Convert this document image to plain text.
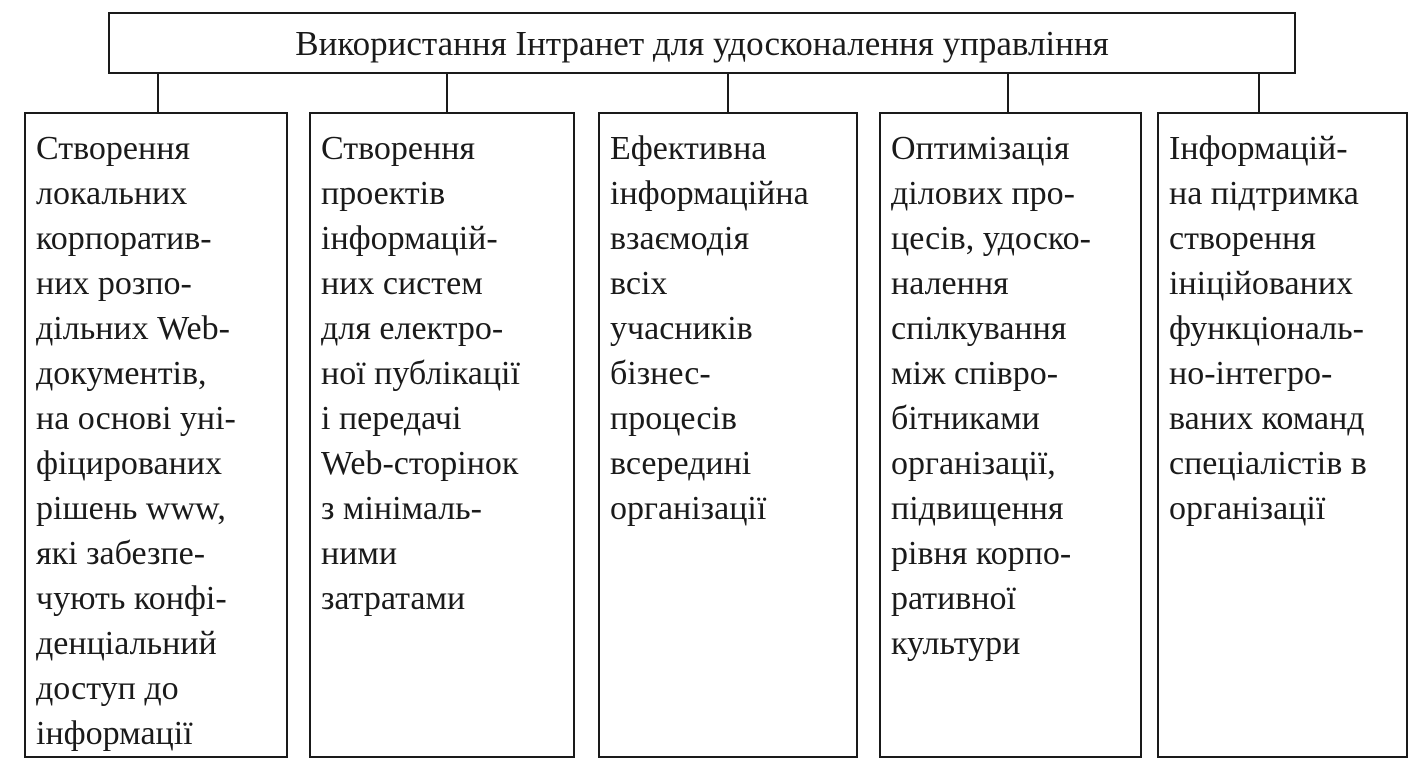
Використання Інтранет для удосконалення управління
Створення
локальних
корпоратив-
них розпо-
дільних Web-
документів,
на основі уні-
фіцированих
рішень www,
які забезпе-
чують конфі-
денціальний
доступ до
інформації
Створення
проектів
інформацій-
них систем
для електро-
ної публікації
і передачі
Web-сторінок
з мінімаль-
ними
затратами
Ефективна
інформаційна
взаємодія
всіх
учасників
бізнес-
процесів
всередині
організації
Оптимізація
ділових про-
цесів, удоско-
налення
спілкування
між співро-
бітниками
організації,
підвищення
рівня корпо-
ративної
культури
Інформацій-
на підтримка
створення
ініційованих
функціональ-
но-інтегро-
ваних команд
спеціалістів в
організації
